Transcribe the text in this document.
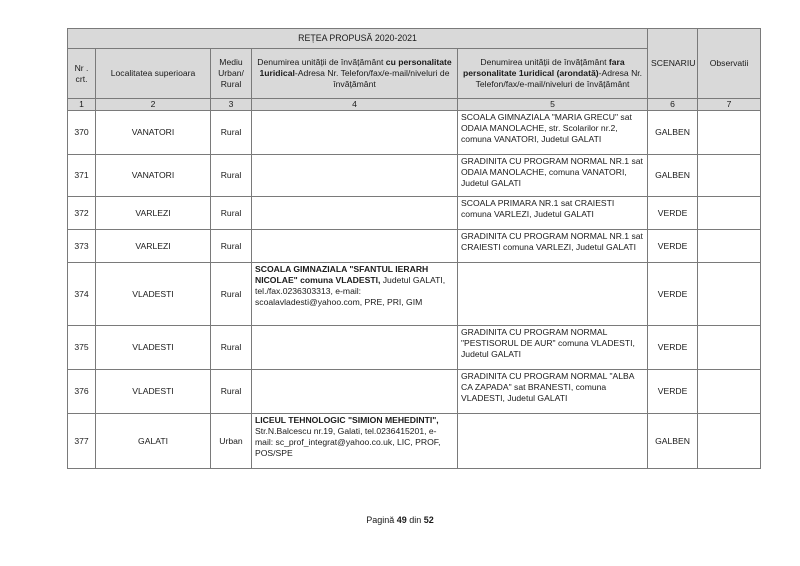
REȚEA PROPUSĂ 2020-2021					SCENARIU	Observatii
Nr . crt.	Localitatea superioara	Mediu Urban/ Rural	Denumirea unității de învățământ cu personalitate 1uridical-Adresa Nr. Telefon/fax/e-mail/niveluri de învățământ	Denumirea unității de învățământ fara personalitate 1uridical (arondată)-Adresa Nr. Telefon/fax/e-mail/niveluri de învățământ		
1	2	3	4	5	6	7
370	VANATORI	Rural		SCOALA GIMNAZIALA "MARIA GRECU" sat ODAIA MANOLACHE, str. Scolarilor nr.2, comuna VANATORI, Judetul GALATI	GALBEN	
371	VANATORI	Rural		GRADINITA CU PROGRAM NORMAL NR.1 sat ODAIA MANOLACHE, comuna VANATORI, Judetul GALATI	GALBEN	
372	VARLEZI	Rural		SCOALA PRIMARA NR.1 sat CRAIESTI comuna VARLEZI, Judetul GALATI	VERDE	
373	VARLEZI	Rural		GRADINITA CU PROGRAM NORMAL NR.1 sat CRAIESTI comuna VARLEZI, Judetul GALATI	VERDE	
374	VLADESTI	Rural	SCOALA GIMNAZIALA "SFANTUL IERARH NICOLAE" comuna VLADESTI, Judetul GALATI, tel./fax.0236303313, e-mail: scoalavladesti@yahoo.com, PRE, PRI, GIM		VERDE	
375	VLADESTI	Rural		GRADINITA CU PROGRAM NORMAL "PESTISORUL DE AUR" comuna VLADESTI, Judetul GALATI	VERDE	
376	VLADESTI	Rural		GRADINITA CU PROGRAM NORMAL "ALBA CA ZAPADA" sat BRANESTI, comuna VLADESTI, Judetul GALATI	VERDE	
377	GALATI	Urban	LICEUL TEHNOLOGIC "SIMION MEHEDINTI", Str.N.Balcescu nr.19, Galati, tel.0236415201, e-mail: sc_prof_integrat@yahoo.co.uk, LIC, PROF, POS/SPE		GALBEN	
Pagină 49 din 52
